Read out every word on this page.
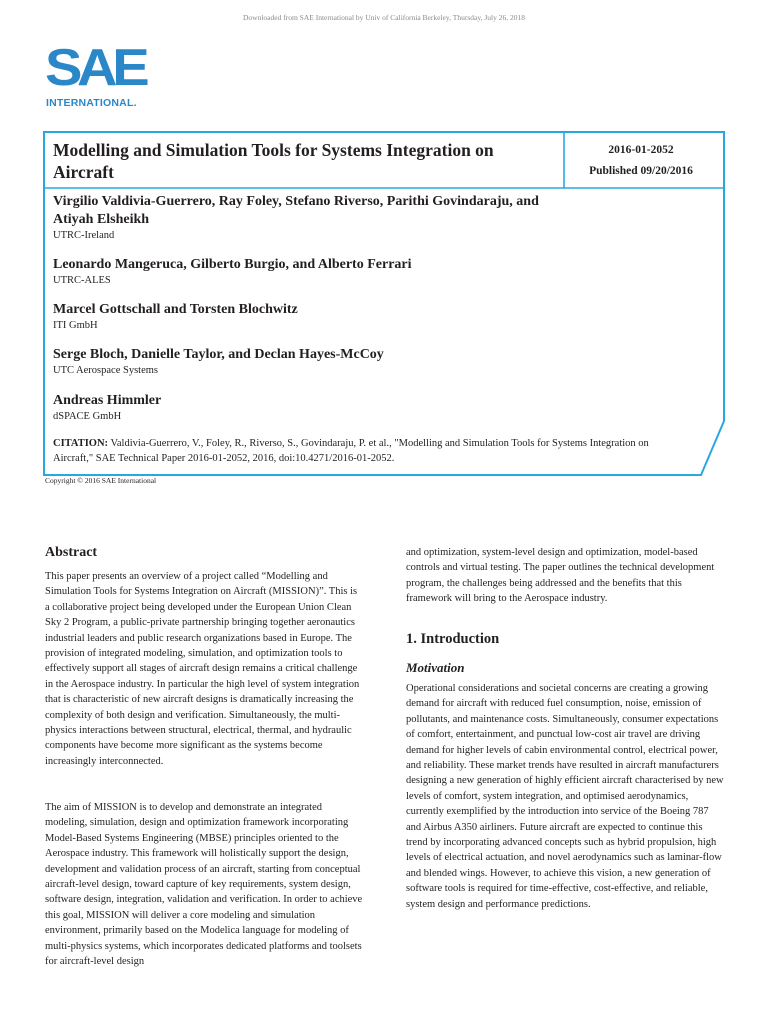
Downloaded from SAE International by Univ of California Berkeley, Thursday, July 26, 2018
SAE
INTERNATIONAL.
Modelling and Simulation Tools for Systems Integration on Aircraft
2016-01-2052
Published 09/20/2016
Virgilio Valdivia-Guerrero, Ray Foley, Stefano Riverso, Parithi Govindaraju, and Atiyah Elsheikh
UTRC-Ireland
Leonardo Mangeruca, Gilberto Burgio, and Alberto Ferrari
UTRC-ALES
Marcel Gottschall and Torsten Blochwitz
ITI GmbH
Serge Bloch, Danielle Taylor, and Declan Hayes-McCoy
UTC Aerospace Systems
Andreas Himmler
dSPACE GmbH
CITATION: Valdivia-Guerrero, V., Foley, R., Riverso, S., Govindaraju, P. et al., "Modelling and Simulation Tools for Systems Integration on Aircraft," SAE Technical Paper 2016-01-2052, 2016, doi:10.4271/2016-01-2052.
Copyright © 2016 SAE International
Abstract

This paper presents an overview of a project called “Modelling and Simulation Tools for Systems Integration on Aircraft (MISSION)”. This is a collaborative project being developed under the European Union Clean Sky 2 Program, a public-private partnership bringing together aeronautics industrial leaders and public research organizations based in Europe. The provision of integrated modeling, simulation, and optimization tools to effectively support all stages of aircraft design remains a critical challenge in the Aerospace industry. In particular the high level of system integration that is characteristic of new aircraft designs is dramatically increasing the complexity of both design and verification. Simultaneously, the multi-physics interactions between structural, electrical, thermal, and hydraulic components have become more significant as the systems become increasingly interconnected.

The aim of MISSION is to develop and demonstrate an integrated modeling, simulation, design and optimization framework incorporating Model-Based Systems Engineering (MBSE) principles oriented to the Aerospace industry. This framework will holistically support the design, development and validation process of an aircraft, starting from conceptual aircraft-level design, toward capture of key requirements, system design, software design, integration, validation and verification. In order to achieve this goal, MISSION will deliver a core modeling and simulation environment, primarily based on the Modelica language for modeling of multi-physics systems, which incorporates dedicated platforms and toolsets for aircraft-level design

and optimization, system-level design and optimization, model-based controls and virtual testing. The paper outlines the technical development program, the challenges being addressed and the benefits that this framework will bring to the Aerospace industry.

1. Introduction
Motivation

Operational considerations and societal concerns are creating a growing demand for aircraft with reduced fuel consumption, noise, emission of pollutants, and maintenance costs. Simultaneously, consumer expectations of comfort, entertainment, and punctual low-cost air travel are driving demand for higher levels of cabin environmental control, electrical power, and reliability. These market trends have resulted in aircraft manufacturers designing a new generation of highly efficient aircraft characterised by new levels of comfort, system integration, and optimised aerodynamics, currently exemplified by the introduction into service of the Boeing 787 and Airbus A350 airliners. Future aircraft are expected to continue this trend by incorporating advanced concepts such as hybrid propulsion, high levels of electrical actuation, and novel aerodynamics such as laminar-flow and blended wings. However, to achieve this vision, a new generation of software tools is required for time-effective, cost-effective, and reliable, system design and performance predictions.
